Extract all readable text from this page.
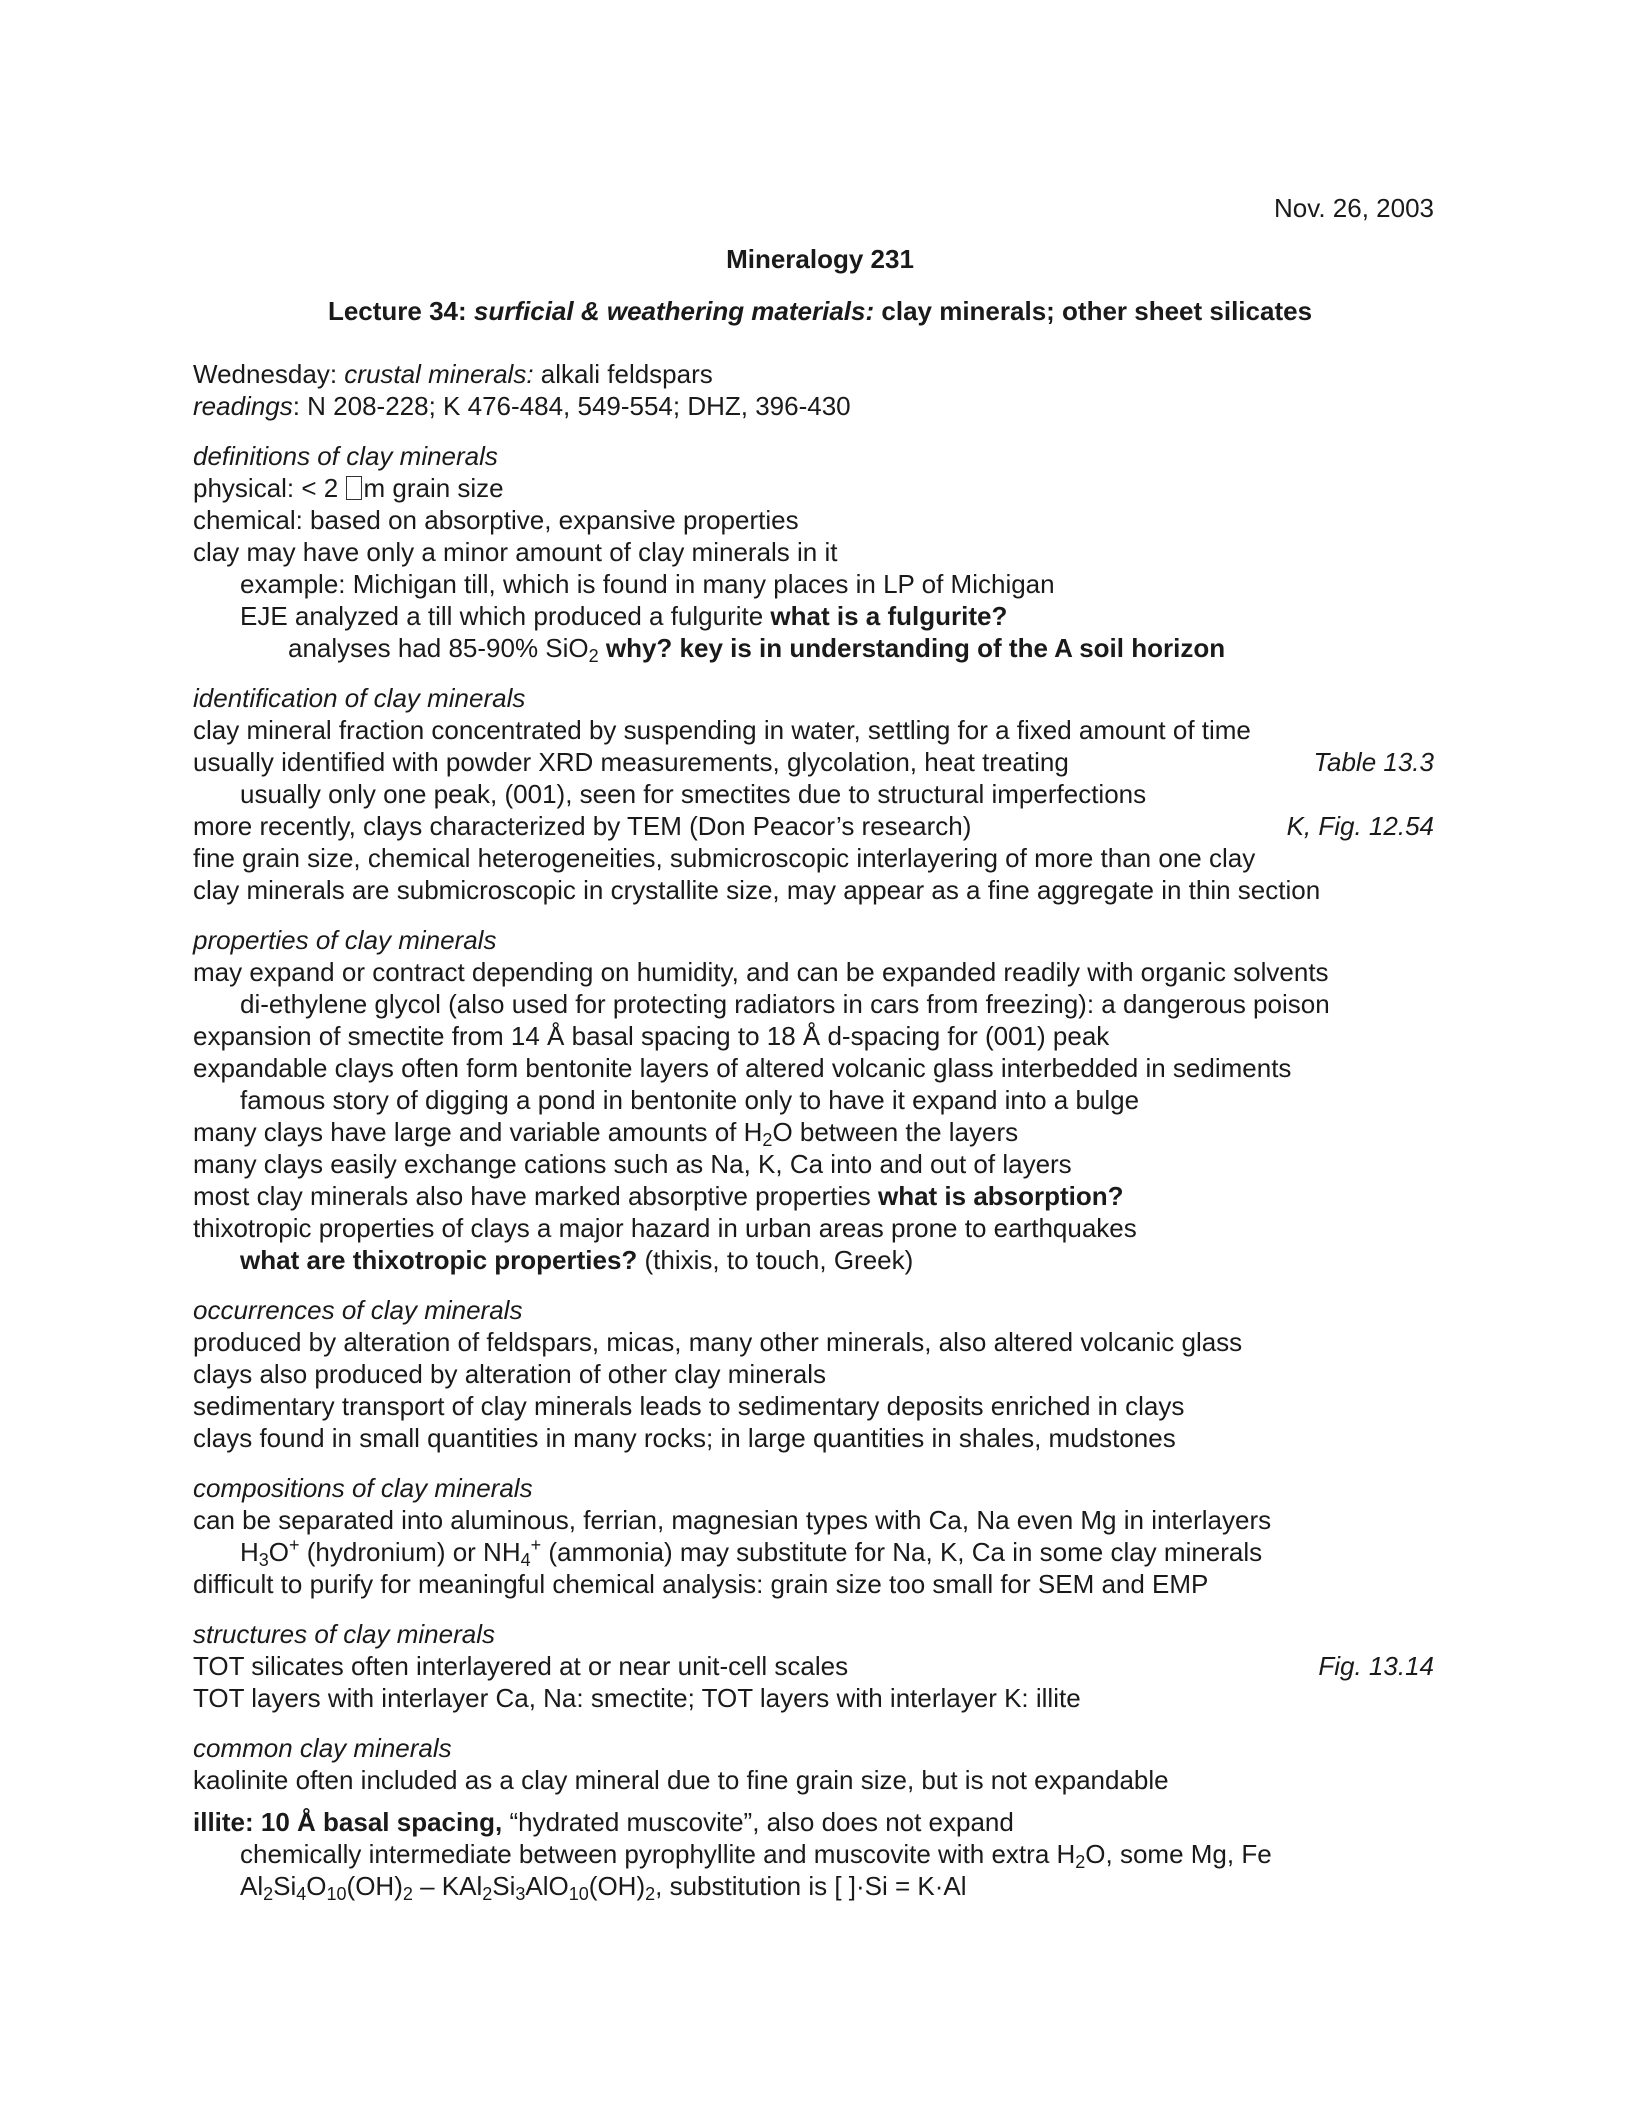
Nov. 26, 2003
Mineralogy 231
Lecture 34: surficial & weathering materials: clay minerals; other sheet silicates
Wednesday: crustal minerals: alkali feldspars
readings: N 208-228; K 476-484, 549-554; DHZ, 396-430
definitions of clay minerals
physical: < 2 m grain size
chemical: based on absorptive, expansive properties
clay may have only a minor amount of clay minerals in it
example: Michigan till, which is found in many places in LP of Michigan
EJE analyzed a till which produced a fulgurite what is a fulgurite?
analyses had 85-90% SiO$_2$ why? key is in understanding of the A soil horizon
identification of clay minerals
clay mineral fraction concentrated by suspending in water, settling for a fixed amount of time
usually identified with powder XRD measurements, glycolation, heat treating	Table 13.3
usually only one peak, (001), seen for smectites due to structural imperfections
more recently, clays characterized by TEM (Don Peacor’s research)	K, Fig. 12.54
fine grain size, chemical heterogeneities, submicroscopic interlayering of more than one clay
clay minerals are submicroscopic in crystallite size, may appear as a fine aggregate in thin section
properties of clay minerals
may expand or contract depending on humidity, and can be expanded readily with organic solvents
di-ethylene glycol (also used for protecting radiators in cars from freezing): a dangerous poison
expansion of smectite from 14 Å basal spacing to 18 Å d-spacing for (001) peak
expandable clays often form bentonite layers of altered volcanic glass interbedded in sediments
famous story of digging a pond in bentonite only to have it expand into a bulge
many clays have large and variable amounts of $H_2O$ between the layers
many clays easily exchange cations such as Na, K, Ca into and out of layers
most clay minerals also have marked absorptive properties what is absorption?
thixotropic properties of clays a major hazard in urban areas prone to earthquakes
what are thixotropic properties? (thixis, to touch, Greek)
occurrences of clay minerals
produced by alteration of feldspars, micas, many other minerals, also altered volcanic glass
clays also produced by alteration of other clay minerals
sedimentary transport of clay minerals leads to sedimentary deposits enriched in clays
clays found in small quantities in many rocks; in large quantities in shales, mudstones
compositions of clay minerals
can be separated into aluminous, ferrian, magnesian types with Ca, Na even Mg in interlayers
$H_3O^+$ (hydronium) or $NH_4^+$ (ammonia) may substitute for Na, K, Ca in some clay minerals
difficult to purify for meaningful chemical analysis: grain size too small for SEM and EMP
structures of clay minerals
TOT silicates often interlayered at or near unit-cell scales	Fig. 13.14
TOT layers with interlayer Ca, Na: smectite; TOT layers with interlayer K: illite
common clay minerals
kaolinite often included as a clay mineral due to fine grain size, but is not expandable
illite: 10 Å basal spacing, “hydrated muscovite”, also does not expand
chemically intermediate between pyrophyllite and muscovite with extra $H_2O$, some Mg, Fe
$Al_2Si_4O_{10}(OH)_2 - KAl_2Si_3AlO_{10}(OH)_2$, substitution is [ ]·Si = K·Al
